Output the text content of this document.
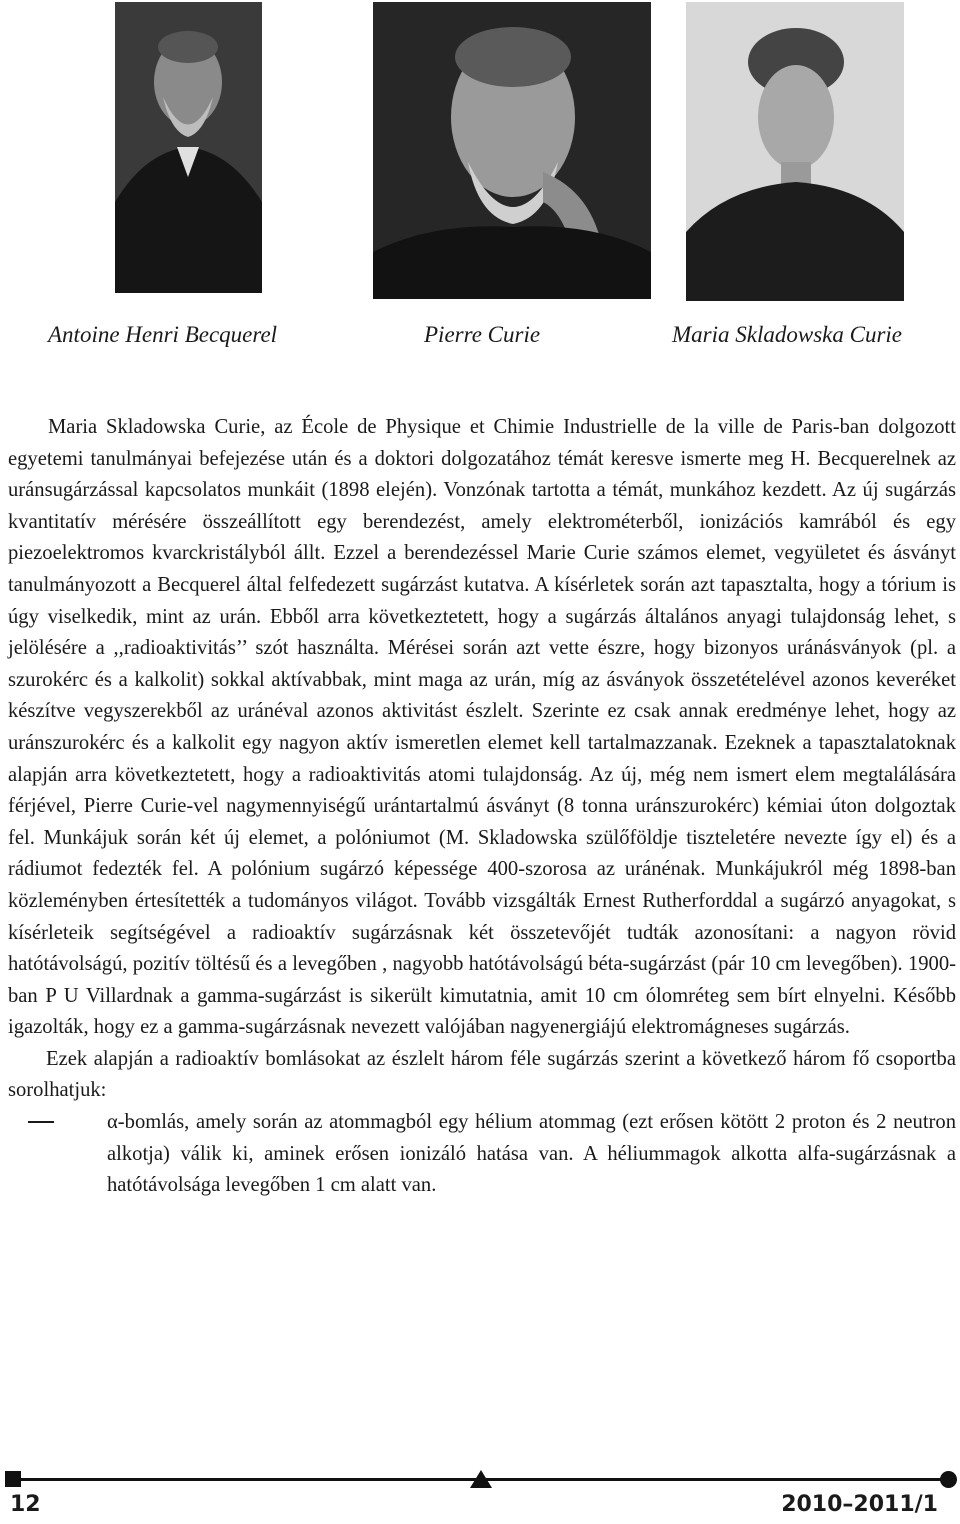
Antoine Henri Becquerel	Pierre Curie	Maria Skladowska Curie

Maria Skladowska Curie, az École de Physique et Chimie Industrielle de la ville de Paris-ban dolgozott egyetemi tanulmányai befejezése után és a doktori dolgozatához témát keresve ismerte meg H. Becquerelnek az uránsugárzással kapcsolatos munkáit (1898 elején). Vonzónak tartotta a témát, munkához kezdett. Az új sugárzás kvantitatív mérésére összeállított egy berendezést, amely elektrométerből, ionizációs kamrából és egy piezoelektromos kvarckristályból állt. Ezzel a berendezéssel Marie Curie számos elemet, vegyületet és ásványt tanulmányozott a Becquerel által felfedezett sugárzást kutatva. A kísérletek során azt tapasztalta, hogy a tórium is úgy viselkedik, mint az urán. Ebből arra következtetett, hogy a sugárzás általános anyagi tulajdonság lehet, s jelölésére a ,,radioaktivitás’’ szót használta. Mérései során azt vette észre, hogy bizonyos uránásványok (pl. a szurokérc és a kalkolit) sokkal aktívabbak, mint maga az urán, míg az ásványok összetételével azonos keveréket készítve vegyszerekből az uránéval azonos aktivitást észlelt. Szerinte ez csak annak eredménye lehet, hogy az uránszurokérc és a kalkolit egy nagyon aktív ismeretlen elemet kell tartalmazzanak. Ezeknek a tapasztalatoknak alapján arra következtetett, hogy a radioaktivitás atomi tulajdonság. Az új, még nem ismert elem megtalálására férjével, Pierre Curie-vel nagymennyiségű urántartalmú ásványt (8 tonna uránszurokérc) kémiai úton dolgoztak fel. Munkájuk során két új elemet, a polóniumot (M. Skladowska szülőföldje tiszteletére nevezte így el) és a rádiumot fedezték fel. A polónium sugárzó képessége 400-szorosa az uránénak. Munkájukról még 1898-ban közleményben értesítették a tudományos világot. Tovább vizsgálták Ernest Rutherforddal a sugárzó anyagokat, s kísérleteik segítségével a radioaktív sugárzásnak két összetevőjét tudták azonosítani: a nagyon rövid hatótávolságú, pozitív töltésű és a levegőben , nagyobb hatótávolságú béta-sugárzást (pár 10 cm levegőben). 1900-ban P U Villardnak a gamma-sugárzást is sikerült kimutatnia, amit 10 cm ólomréteg sem bírt elnyelni. Később igazolták, hogy ez a gamma-sugárzásnak nevezett valójában nagyenergiájú elektromágneses sugárzás.

Ezek alapján a radioaktív bomlásokat az észlelt három féle sugárzás szerint a következő három fő csoportba sorolhatjuk:

α-bomlás, amely során az atommagból egy hélium atommag (ezt erősen kötött 2 proton és 2 neutron alkotja) válik ki, aminek erősen ionizáló hatása van. A héliummagok alkotta alfa-sugárzásnak a hatótávolsága levegőben 1 cm alatt van.
12	2010–2011/1
